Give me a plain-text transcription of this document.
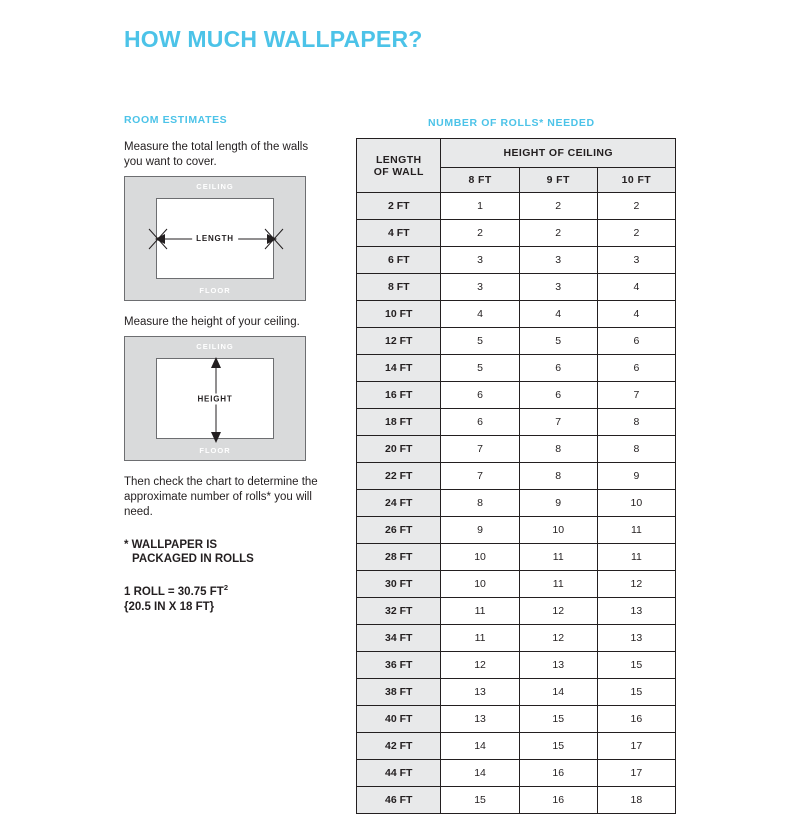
HOW MUCH WALLPAPER?
ROOM ESTIMATES

Measure the total length of the walls you want to cover.

CEILING
FLOOR
LENGTH

Measure the height of your ceiling.

CEILING
FLOOR
HEIGHT

Then check the chart to determine the approximate number of rolls* you will need.

* WALLPAPER IS
PACKAGED IN ROLLS
1 ROLL = 30.75 $FT^2$
{20.5 IN X 18 FT}
NUMBER OF ROLLS* NEEDED
LENGTH
OF WALL	HEIGHT OF CEILING		
	8 FT	9 FT	10 FT
2 FT	1	2	2
4 FT	2	2	2
6 FT	3	3	3
8 FT	3	3	4
10 FT	4	4	4
12 FT	5	5	6
14 FT	5	6	6
16 FT	6	6	7
18 FT	6	7	8
20 FT	7	8	8
22 FT	7	8	9
24 FT	8	9	10
26 FT	9	10	11
28 FT	10	11	11
30 FT	10	11	12
32 FT	11	12	13
34 FT	11	12	13
36 FT	12	13	15
38 FT	13	14	15
40 FT	13	15	16
42 FT	14	15	17
44 FT	14	16	17
46 FT	15	16	18
